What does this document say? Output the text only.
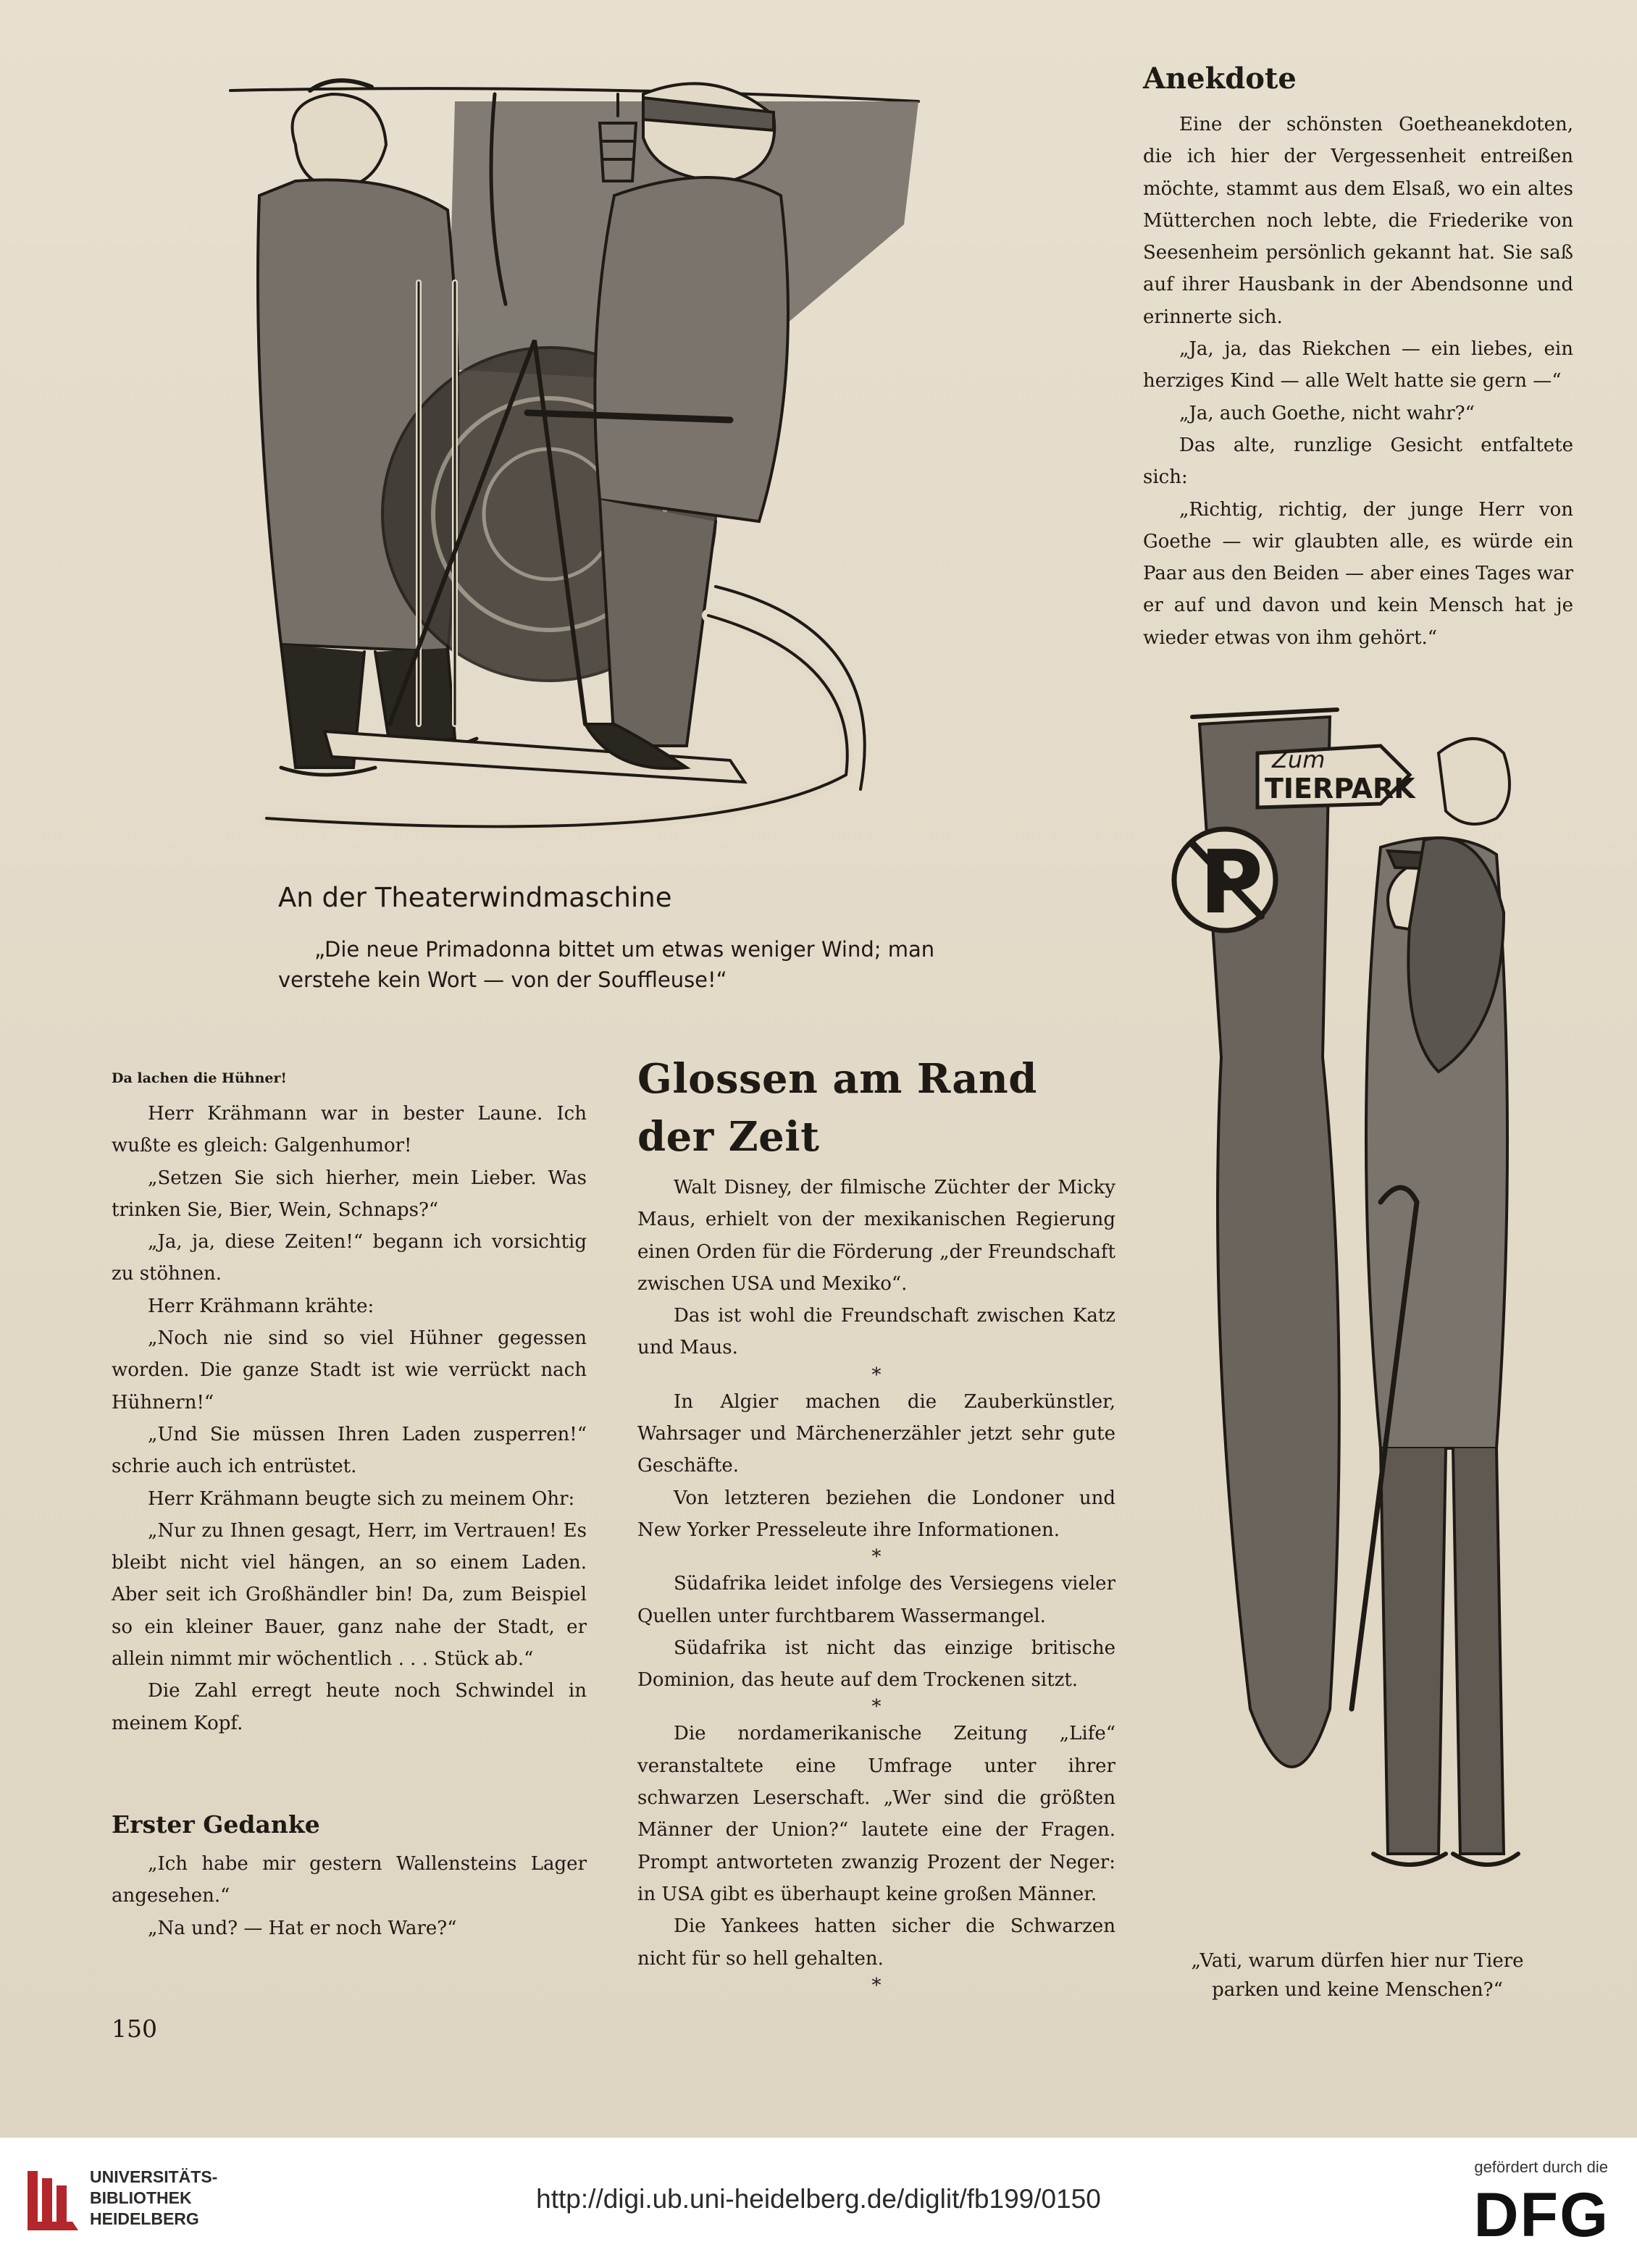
An der Theaterwindmaschine
„Die neue Primadonna bittet um etwas weniger Wind; man verstehe kein Wort — von der Souffleuse!“
P
Zum
TIERPARK
Da lachen die Hühner!

Herr Krähmann war in bester Laune. Ich wußte es gleich: Galgenhumor!

„Setzen Sie sich hierher, mein Lieber. Was trinken Sie, Bier, Wein, Schnaps?“

„Ja, ja, diese Zeiten!“ begann ich vorsichtig zu stöhnen.

Herr Krähmann krähte:

„Noch nie sind so viel Hühner gegessen worden. Die ganze Stadt ist wie verrückt nach Hühnern!“

„Und Sie müssen Ihren Laden zusperren!“ schrie auch ich entrüstet.

Herr Krähmann beugte sich zu meinem Ohr:

„Nur zu Ihnen gesagt, Herr, im Vertrauen! Es bleibt nicht viel hängen, an so einem Laden. Aber seit ich Großhändler bin! Da, zum Beispiel so ein kleiner Bauer, ganz nahe der Stadt, er allein nimmt mir wöchentlich . . . Stück ab.“

Die Zahl erregt heute noch Schwindel in meinem Kopf.

Erster Gedanke

„Ich habe mir gestern Wallensteins Lager angesehen.“

„Na und? — Hat er noch Ware?“

Glossen am Rand der Zeit

Walt Disney, der filmische Züchter der Micky Maus, erhielt von der mexikanischen Regierung einen Orden für die Förderung „der Freundschaft zwischen USA und Mexiko“.

Das ist wohl die Freundschaft zwischen Katz und Maus.

*

In Algier machen die Zauberkünstler, Wahrsager und Märchenerzähler jetzt sehr gute Geschäfte.

Von letzteren beziehen die Londoner und New Yorker Presseleute ihre Informationen.

*

Südafrika leidet infolge des Versiegens vieler Quellen unter furchtbarem Wassermangel.

Südafrika ist nicht das einzige britische Dominion, das heute auf dem Trockenen sitzt.

*

Die nordamerikanische Zeitung „Life“ veranstaltete eine Umfrage unter ihrer schwarzen Leserschaft. „Wer sind die größten Männer der Union?“ lautete eine der Fragen. Prompt antworteten zwanzig Prozent der Neger: in USA gibt es überhaupt keine großen Männer.

Die Yankees hatten sicher die Schwarzen nicht für so hell gehalten.

*
Anekdote

Eine der schönsten Goetheanekdoten, die ich hier der Vergessenheit entreißen möchte, stammt aus dem Elsaß, wo ein altes Mütterchen noch lebte, die Friederike von Seesenheim persönlich gekannt hat. Sie saß auf ihrer Hausbank in der Abendsonne und erinnerte sich.

„Ja, ja, das Riekchen — ein liebes, ein herziges Kind — alle Welt hatte sie gern —“

„Ja, auch Goethe, nicht wahr?“

Das alte, runzlige Gesicht entfaltete sich:

„Richtig, richtig, der junge Herr von Goethe — wir glaubten alle, es würde ein Paar aus den Beiden — aber eines Tages war er auf und davon und kein Mensch hat je wieder etwas von ihm gehört.“

„Vati, warum dürfen hier nur Tiere parken und keine Menschen?“
150
UNIVERSITÄTS-
BIBLIOTHEK
HEIDELBERG
http://digi.ub.uni-heidelberg.de/diglit/fb199/0150
gefördert durch die
DFG
